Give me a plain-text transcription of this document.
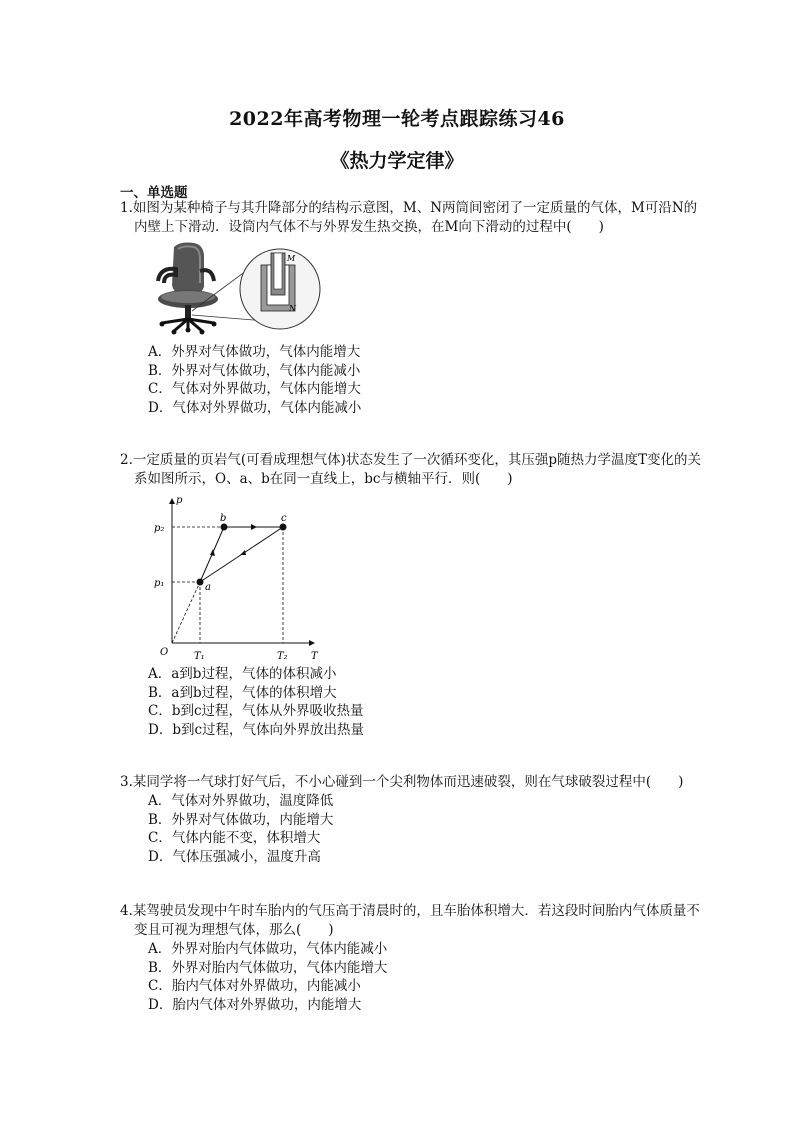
2022年高考物理一轮考点跟踪练习46
《热力学定律》
一、单选题
1.如图为某种椅子与其升降部分的结构示意图，M、N两筒间密闭了一定质量的气体，M可沿N的内壁上下滑动．设筒内气体不与外界发生热交换，在M向下滑动的过程中(　　)
M
N
A．外界对气体做功，气体内能增大
B．外界对气体做功，气体内能减小
C．气体对外界做功，气体内能增大
D．气体对外界做功，气体内能减小
2.一定质量的页岩气(可看成理想气体)状态发生了一次循环变化，其压强p随热力学温度T变化的关系如图所示，O、a、b在同一直线上，bc与横轴平行．则(　　)
p
T
O
a
b	c
p₂
p₁
T₁	T₂
A．a到b过程，气体的体积减小
B．a到b过程，气体的体积增大
C．b到c过程，气体从外界吸收热量
D．b到c过程，气体向外界放出热量
3.某同学将一气球打好气后，不小心碰到一个尖利物体而迅速破裂，则在气球破裂过程中(　　)
A．气体对外界做功，温度降低
B．外界对气体做功，内能增大
C．气体内能不变，体积增大
D．气体压强减小，温度升高
4.某驾驶员发现中午时车胎内的气压高于清晨时的，且车胎体积增大．若这段时间胎内气体质量不变且可视为理想气体，那么(　　)
A．外界对胎内气体做功，气体内能减小
B．外界对胎内气体做功，气体内能增大
C．胎内气体对外界做功，内能减小
D．胎内气体对外界做功，内能增大
